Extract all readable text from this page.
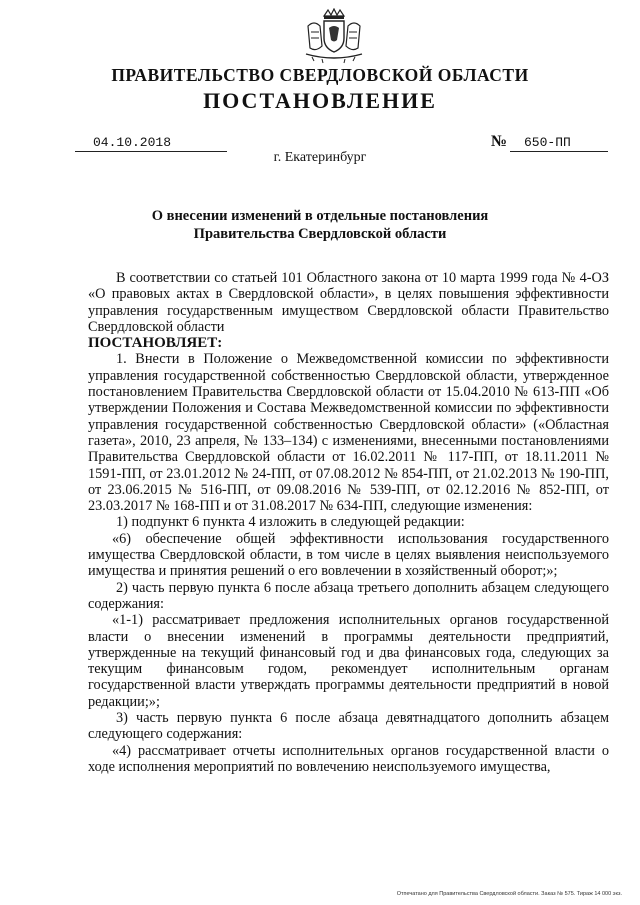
ПРАВИТЕЛЬСТВО СВЕРДЛОВСКОЙ ОБЛАСТИ
ПОСТАНОВЛЕНИЕ
04.10.2018	№	650-ПП
г. Екатеринбург
О внесении изменений в отдельные постановления
Правительства Свердловской области

В соответствии со статьей 101 Областного закона от 10 марта 1999 года № 4-ОЗ «О правовых актах в Свердловской области», в целях повышения эффективности управления государственным имуществом Свердловской области Правительство Свердловской области

ПОСТАНОВЛЯЕТ:

1. Внести в Положение о Межведомственной комиссии по эффективности управления государственной собственностью Свердловской области, утвержденное постановлением Правительства Свердловской области от 15.04.2010 № 613-ПП «Об утверждении Положения и Состава Межведомственной комиссии по эффективности управления государственной собственностью Свердловской области» («Областная газета», 2010, 23 апреля, № 133–134) с изменениями, внесенными постановлениями Правительства Свердловской области от 16.02.2011 № 117-ПП, от 18.11.2011 № 1591-ПП, от 23.01.2012 № 24-ПП, от 07.08.2012 № 854-ПП, от 21.02.2013 № 190-ПП, от 23.06.2015 № 516-ПП, от 09.08.2016 № 539-ПП, от 02.12.2016 № 852-ПП, от 23.03.2017 № 168-ПП и от 31.08.2017 № 634-ПП, следующие изменения:

1) подпункт 6 пункта 4 изложить в следующей редакции:

«6) обеспечение общей эффективности использования государственного имущества Свердловской области, в том числе в целях выявления неиспользуемого имущества и принятия решений о его вовлечении в хозяйственный оборот;»;

2) часть первую пункта 6 после абзаца третьего дополнить абзацем следующего содержания:

«1-1) рассматривает предложения исполнительных органов государственной власти о внесении изменений в программы деятельности предприятий, утвержденные на текущий финансовый год и два финансовых года, следующих за текущим финансовым годом, рекомендует исполнительным органам государственной власти утверждать программы деятельности предприятий в новой редакции;»;

3) часть первую пункта 6 после абзаца девятнадцатого дополнить абзацем следующего содержания:

«4) рассматривает отчеты исполнительных органов государственной власти о ходе исполнения мероприятий по вовлечению неиспользуемого имущества,

Отпечатано для Правительства Свердловской области. Заказ № 575. Тираж 14 000 экз.
